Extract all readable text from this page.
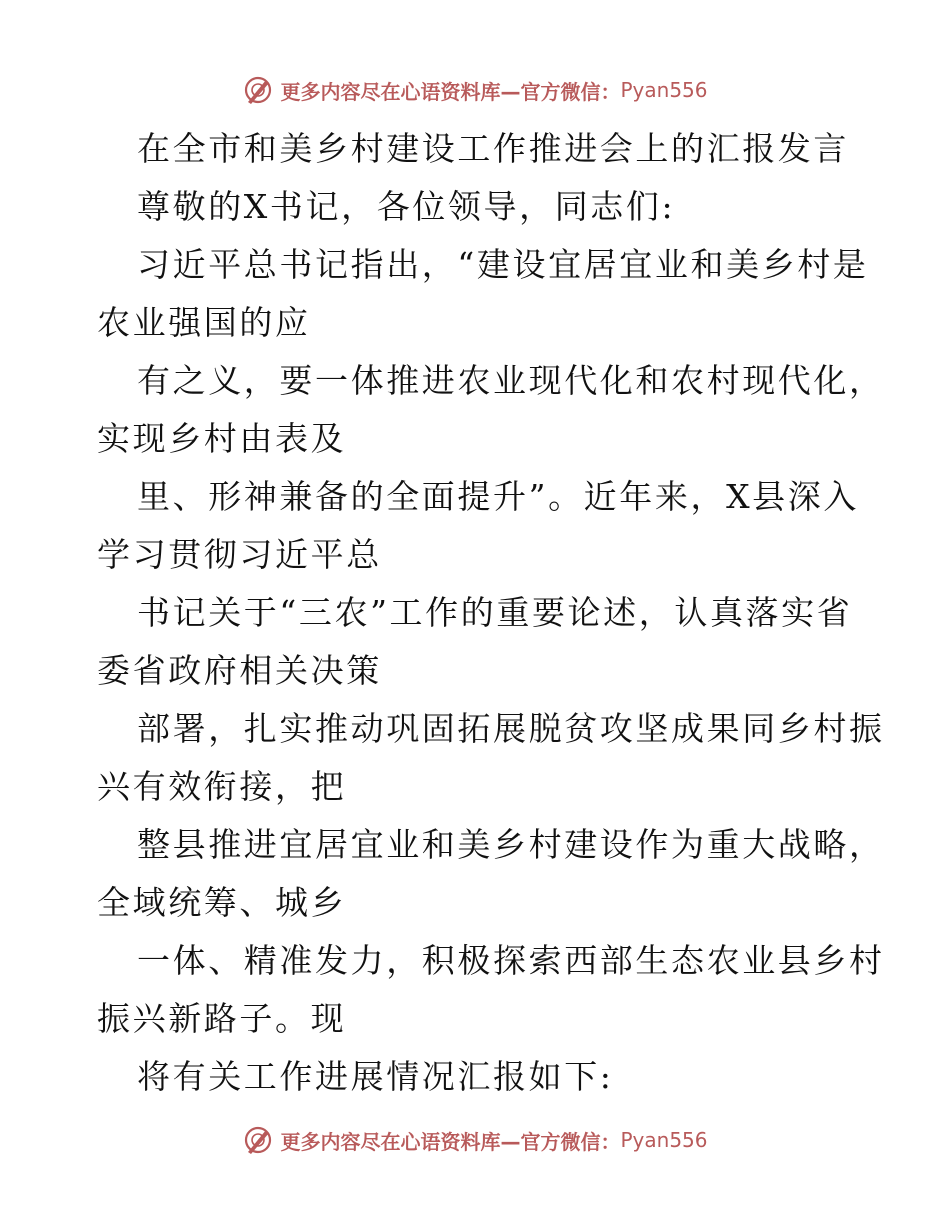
更多内容尽在心语资料库—官方微信： Pyan556
在全市和美乡村建设工作推进会上的汇报发言
尊敬的X书记，各位领导，同志们:
习近平总书记指出，“建设宜居宜业和美乡村是
农业强国的应
有之义，要一体推进农业现代化和农村现代化，
实现乡村由表及
里、形神兼备的全面提升”。近年来，X县深入
学习贯彻习近平总
书记关于“三农”工作的重要论述，认真落实省
委省政府相关决策
部署，扎实推动巩固拓展脱贫攻坚成果同乡村振
兴有效衔接，把
整县推进宜居宜业和美乡村建设作为重大战略，
全域统筹、城乡
一体、精准发力，积极探索西部生态农业县乡村
振兴新路子。现
将有关工作进展情况汇报如下:
更多内容尽在心语资料库—官方微信： Pyan556
